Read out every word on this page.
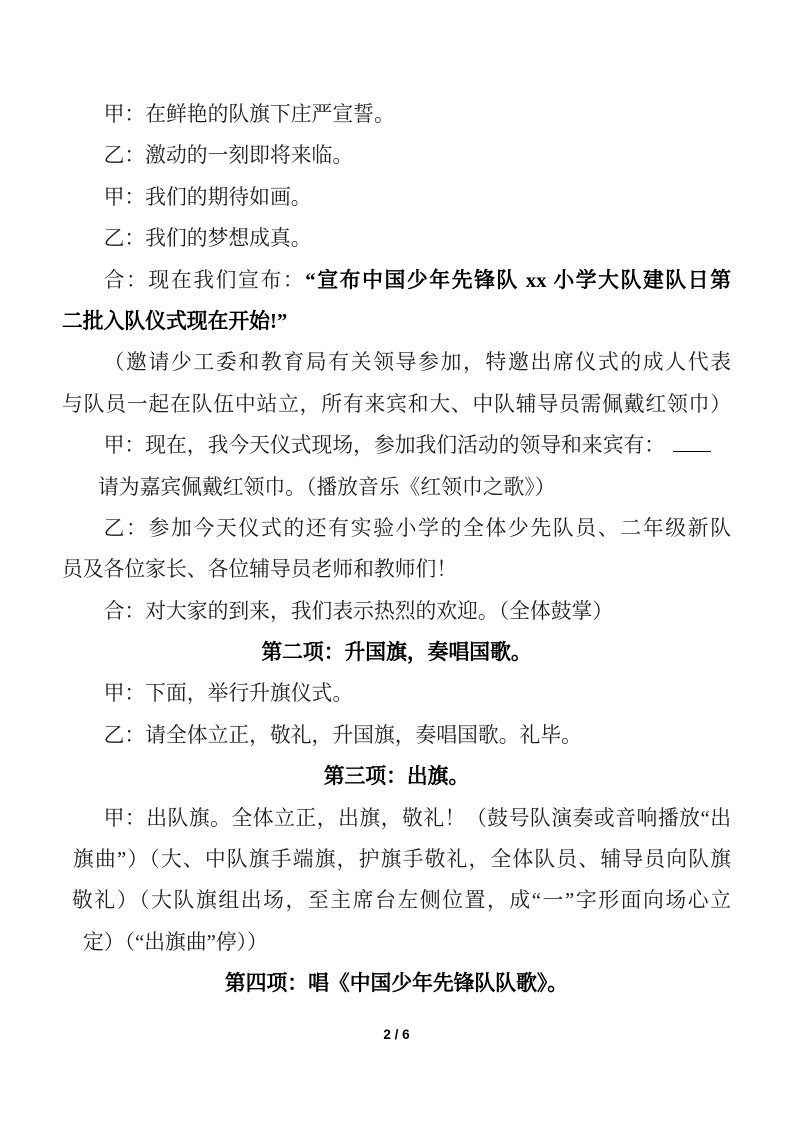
甲：在鲜艳的队旗下庄严宣誓。
乙：激动的一刻即将来临。
甲：我们的期待如画。
乙：我们的梦想成真。
合：现在我们宣布：“宣布中国少年先锋队 xx 小学大队建队日第
二批入队仪式现在开始!”
（邀请少工委和教育局有关领导参加，特邀出席仪式的成人代表
与队员一起在队伍中站立，所有来宾和大、中队辅导员需佩戴红领巾）
甲：现在，我今天仪式现场，参加我们活动的领导和来宾有：
请为嘉宾佩戴红领巾。（播放音乐《红领巾之歌》）
乙：参加今天仪式的还有实验小学的全体少先队员、二年级新队
员及各位家长、各位辅导员老师和教师们！
合：对大家的到来，我们表示热烈的欢迎。（全体鼓掌）
第二项：升国旗，奏唱国歌。
甲：下面，举行升旗仪式。
乙：请全体立正，敬礼，升国旗，奏唱国歌。礼毕。
第三项：出旗。
甲：出队旗。全体立正，出旗，敬礼！（鼓号队演奏或音响播放“出
旗曲”）（大、中队旗手端旗，护旗手敬礼，全体队员、辅导员向队旗
敬礼）（大队旗组出场，至主席台左侧位置，成“一”字形面向场心立
定）（“出旗曲”停））
第四项：唱《中国少年先锋队队歌》。
2 / 6
